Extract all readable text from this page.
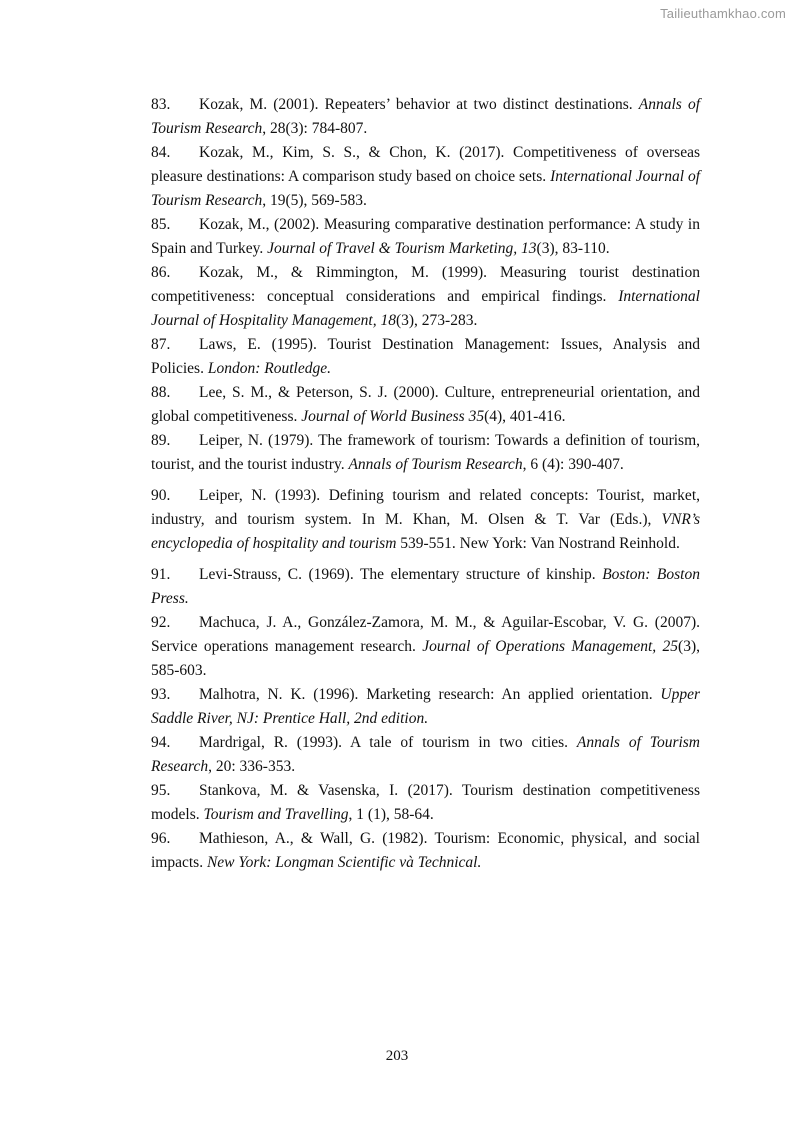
Tailieuthamkhao.com

83. Kozak, M. (2001). Repeaters’ behavior at two distinct destinations. Annals of Tourism Research, 28(3): 784-807.

84. Kozak, M., Kim, S. S., & Chon, K. (2017). Competitiveness of overseas pleasure destinations: A comparison study based on choice sets. International Journal of Tourism Research, 19(5), 569-583.

85. Kozak, M., (2002). Measuring comparative destination performance: A study in Spain and Turkey. Journal of Travel & Tourism Marketing, 13(3), 83-110.

86. Kozak, M., & Rimmington, M. (1999). Measuring tourist destination competitiveness: conceptual considerations and empirical findings. International Journal of Hospitality Management, 18(3), 273-283.

87. Laws, E. (1995). Tourist Destination Management: Issues, Analysis and Policies. London: Routledge.

88. Lee, S. M., & Peterson, S. J. (2000). Culture, entrepreneurial orientation, and global competitiveness. Journal of World Business 35(4), 401-416.

89. Leiper, N. (1979). The framework of tourism: Towards a definition of tourism, tourist, and the tourist industry. Annals of Tourism Research, 6 (4): 390-407.

90. Leiper, N. (1993). Defining tourism and related concepts: Tourist, market, industry, and tourism system. In M. Khan, M. Olsen & T. Var (Eds.), VNR’s encyclopedia of hospitality and tourism 539-551. New York: Van Nostrand Reinhold.

91. Levi-Strauss, C. (1969). The elementary structure of kinship. Boston: Boston Press.

92. Machuca, J. A., González-Zamora, M. M., & Aguilar-Escobar, V. G. (2007). Service operations management research. Journal of Operations Management, 25(3), 585-603.

93. Malhotra, N. K. (1996). Marketing research: An applied orientation. Upper Saddle River, NJ: Prentice Hall, 2nd edition.

94. Mardrigal, R. (1993). A tale of tourism in two cities. Annals of Tourism Research, 20: 336-353.

95. Stankova, M. & Vasenska, I. (2017). Tourism destination competitiveness models. Tourism and Travelling, 1 (1), 58-64.

96. Mathieson, A., & Wall, G. (1982). Tourism: Economic, physical, and social impacts. New York: Longman Scientific và Technical.

203
